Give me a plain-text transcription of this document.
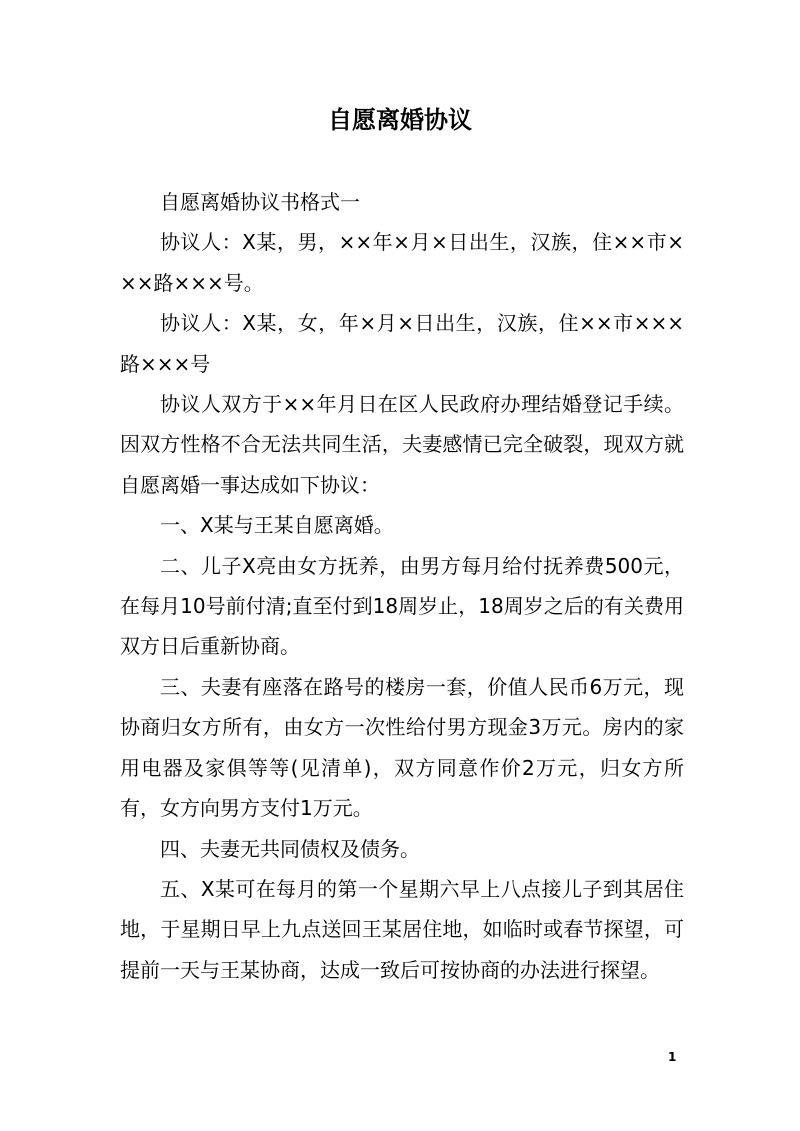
自愿离婚协议

自愿离婚协议书格式一

协议人：X某，男，××年×月×日出生，汉族，住××市×××路×××号。

协议人：X某，女，年×月×日出生，汉族，住××市×××路×××号

协议人双方于××年月日在区人民政府办理结婚登记手续。因双方性格不合无法共同生活，夫妻感情已完全破裂，现双方就自愿离婚一事达成如下协议：

一、X某与王某自愿离婚。

二、儿子X亮由女方抚养，由男方每月给付抚养费500元，在每月10号前付清;直至付到18周岁止，18周岁之后的有关费用双方日后重新协商。

三、夫妻有座落在路号的楼房一套，价值人民币6万元，现协商归女方所有，由女方一次性给付男方现金3万元。房内的家用电器及家俱等等(见清单)，双方同意作价2万元，归女方所有，女方向男方支付1万元。

四、夫妻无共同债权及债务。

五、X某可在每月的第一个星期六早上八点接儿子到其居住地，于星期日早上九点送回王某居住地，如临时或春节探望，可提前一天与王某协商，达成一致后可按协商的办法进行探望。

1
